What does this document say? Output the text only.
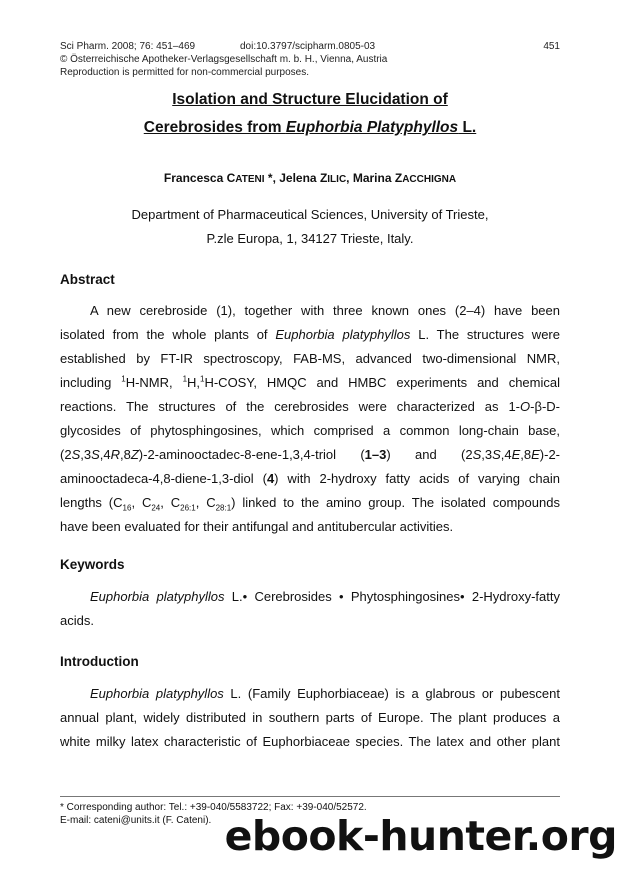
Sci Pharm. 2008; 76: 451–469	doi:10.3797/scipharm.0805-03	451
© Österreichische Apotheker-Verlagsgesellschaft m. b. H., Vienna, Austria
Reproduction is permitted for non-commercial purposes.
Isolation and Structure Elucidation of
Cerebrosides from Euphorbia Platyphyllos L.
Francesca CATENI *, Jelena ZILIC, Marina ZACCHIGNA
Department of Pharmaceutical Sciences, University of Trieste,
P.zle Europa, 1, 34127 Trieste, Italy.
Abstract
A new cerebroside (1), together with three known ones (2–4) have been
isolated from the whole plants of Euphorbia platyphyllos L. The structures were
established by FT-IR spectroscopy, FAB-MS, advanced two-dimensional NMR,
including $^1$H-NMR, $^1$H,$^1$H-COSY, HMQC and HMBC experiments and chemical
reactions. The structures of the cerebrosides were characterized as 1-O-β-D-
glycosides of phytosphingosines, which comprised a common long-chain base,
(2S,3S,4R,8Z)-2-aminooctadec-8-ene-1,3,4-triol (1–3) and (2S,3S,4E,8E)-2-
aminooctadeca-4,8-diene-1,3-diol (4) with 2-hydroxy fatty acids of varying chain
lengths ($C_{16}$, $C_{24}$, $C_{26:1}$, $C_{28:1}$) linked to the amino group. The isolated compounds
have been evaluated for their antifungal and antitubercular activities.
Keywords
Euphorbia platyphyllos L.• Cerebrosides • Phytosphingosines• 2-Hydroxy-fatty
acids.
Introduction
Euphorbia platyphyllos L. (Family Euphorbiaceae) is a glabrous or pubescent
annual plant, widely distributed in southern parts of Europe. The plant produces a
white milky latex characteristic of Euphorbiaceae species. The latex and other plant
* Corresponding author: Tel.: +39-040/5583722; Fax: +39-040/52572.
E-mail: cateni@units.it (F. Cateni). ebook-hunter.org
